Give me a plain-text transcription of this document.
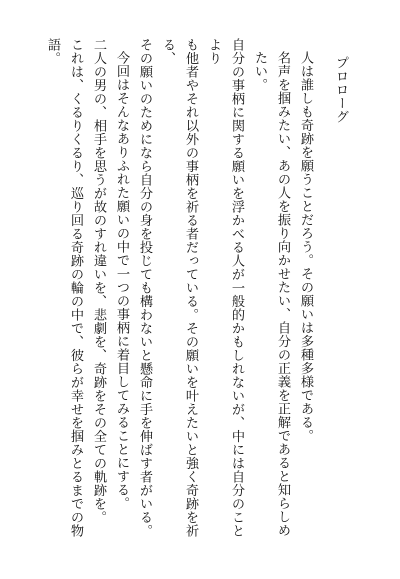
プロローグ

人は誰しも奇跡を願うことだろう。その願いは多種多様である。

名声を掴みたい、あの人を振り向かせたい、自分の正義を正解であると知らしめたい。

自分の事柄に関する願いを浮かべる人が一般的かもしれないが、中には自分のことより

も他者やそれ以外の事柄を祈る者だっている。その願いを叶えたいと強く奇跡を祈る、

その願いのためになら自分の身を投じても構わないと懸命に手を伸ばす者がいる。

今回はそんなありふれた願いの中で一つの事柄に着目してみることにする。

二人の男の、相手を思うが故のすれ違いを、悲劇を、奇跡をその全ての軌跡を。

これは、くるりくるり、巡り回る奇跡の輪の中で、彼らが幸せを掴みとるまでの物語。
